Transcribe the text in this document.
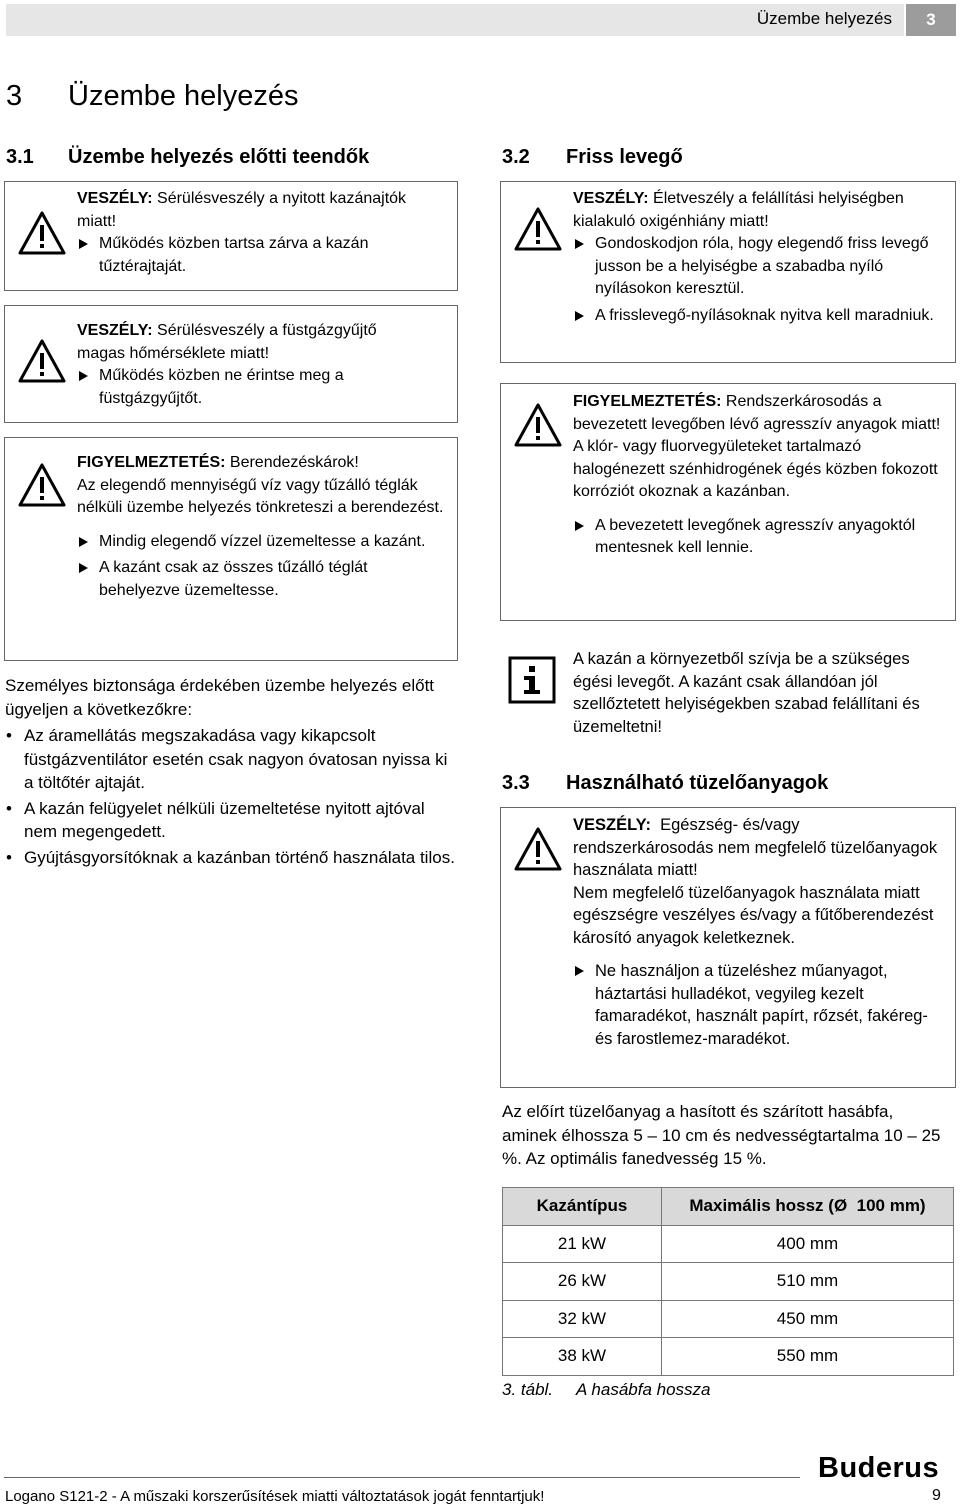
Üzembe helyezés	3
3 Üzembe helyezés
3.1 Üzembe helyezés előtti teendők

VESZÉLY: Sérülésveszély a nyitott kazánajtók miatt!

Működés közben tartsa zárva a kazán tűztérajtaját.

VESZÉLY: Sérülésveszély a füstgázgyűjtő magas hőmérséklete miatt!

Működés közben ne érintse meg a füstgázgyűjtőt.

FIGYELMEZTETÉS: Berendezéskárok!

Az elegendő mennyiségű víz vagy tűzálló téglák nélküli üzembe helyezés tönkreteszi a berendezést.

Mindig elegendő vízzel üzemeltesse a kazánt.

A kazánt csak az összes tűzálló téglát behelyezve üzemeltesse.

Személyes biztonsága érdekében üzembe helyezés előtt ügyeljen a következőkre:

• Az áramellátás megszakadása vagy kikapcsolt füstgázventilátor esetén csak nagyon óvatosan nyissa ki a töltőtér ajtaját.

• A kazán felügyelet nélküli üzemeltetése nyitott ajtóval nem megengedett.

• Gyújtásgyorsítóknak a kazánban történő használata tilos.

3.2 Friss levegő

VESZÉLY: Életveszély a felállítási helyiségben kialakuló oxigénhiány miatt!

Gondoskodjon róla, hogy elegendő friss levegő jusson be a helyiségbe a szabadba nyíló nyílásokon keresztül.

A frisslevegő-nyílásoknak nyitva kell maradniuk.

FIGYELMEZTETÉS: Rendszerkárosodás a bevezetett levegőben lévő agresszív anyagok miatt!

A klór- vagy fluorvegyületeket tartalmazó halogénezett szénhidrogének égés közben fokozott korróziót okoznak a kazánban.

A bevezetett levegőnek agresszív anyagoktól mentesnek kell lennie.

A kazán a környezetből szívja be a szükséges égési levegőt. A kazánt csak állandóan jól szellőztetett helyiségekben szabad felállítani és üzemeltetni!

3.3 Használható tüzelőanyagok

VESZÉLY:  Egészség- és/vagy rendszerkárosodás nem megfelelő tüzelőanyagok használata miatt!

Nem megfelelő tüzelőanyagok használata miatt egészségre veszélyes és/vagy a fűtőberendezést károsító anyagok keletkeznek.

Ne használjon a tüzeléshez műanyagot, háztartási hulladékot, vegyileg kezelt famaradékot, használt papírt, rőzsét, fakéreg- és farostlemez-maradékot.

Az előírt tüzelőanyag a hasított és szárított hasábfa, aminek élhossza 5 – 10 cm és nedvességtartalma 10 – 25 %. Az optimális fanedvesség 15 %.

Kazántípus	Maximális hossz (Ø  100 mm)
21 kW	400 mm
26 kW	510 mm
32 kW	450 mm
38 kW	550 mm
3. tábl. A hasábfa hossza
Buderus
Logano S121-2 - A műszaki korszerűsítések miatti változtatások jogát fenntartjuk!	9
